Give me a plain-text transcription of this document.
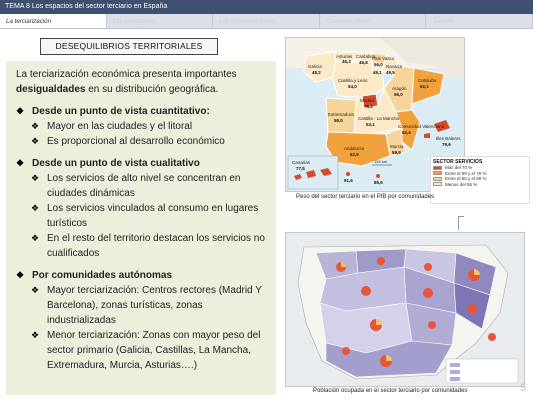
TEMA 8 Los espacios del sector terciario en España
La terciarización	Los transportes	Las comunicaciones	Comercio interior	Turismo
DESEQUILIBRIOS TERRITORIALES
La terciarización económica presenta importantes desigualdades en su distribución geográfica.
❖ Desde un punto de vista cuantitativo:
❖ Mayor en las ciudades y el litoral
❖ Es proporcional al desarrollo económico
❖ Desde un punto de vista cualitativo
❖ Los servicios de alto nivel se concentran en ciudades dinámicas
❖ Los servicios vinculados al consumo en lugares turísticos
❖ En el resto del territorio destacan los servicios no cualificados
❖ Por comunidades autónomas
❖ Mayor terciarización: Centros rectores (Madrid Y Barcelona), zonas turísticas, zonas industrializadas
❖ Menor terciarización: Zonas con mayor peso del sector primario (Galicia, Castillas, La Mancha, Extremadura, Murcia, Asturias….)
Galicia
Asturias Cantabria
País Vasco
Navarra
Aragón
Cataluña
Castilla y León
Madrid
Castilla - La Mancha
Extremadura
Comunidad Valenciana
Murcia
Andalucía
Illes Balears
Canarias
48,2
46,3 49,8 56,0
49,5
56,0
62,1
49,1
54,0
75,3
53,1
59,0
62,4
59,9
62,5
79,6
77,5
91,6	85,6
155 km	SECTOR SERVICIOS
Más del 70 %
Entre el 59 y el 70 %
Entre el 55 y el 59 %
Menos del 55 %
Peso del sector terciario en el PIB por comunidades
Población ocupada en el sector terciario por comunidades	5
